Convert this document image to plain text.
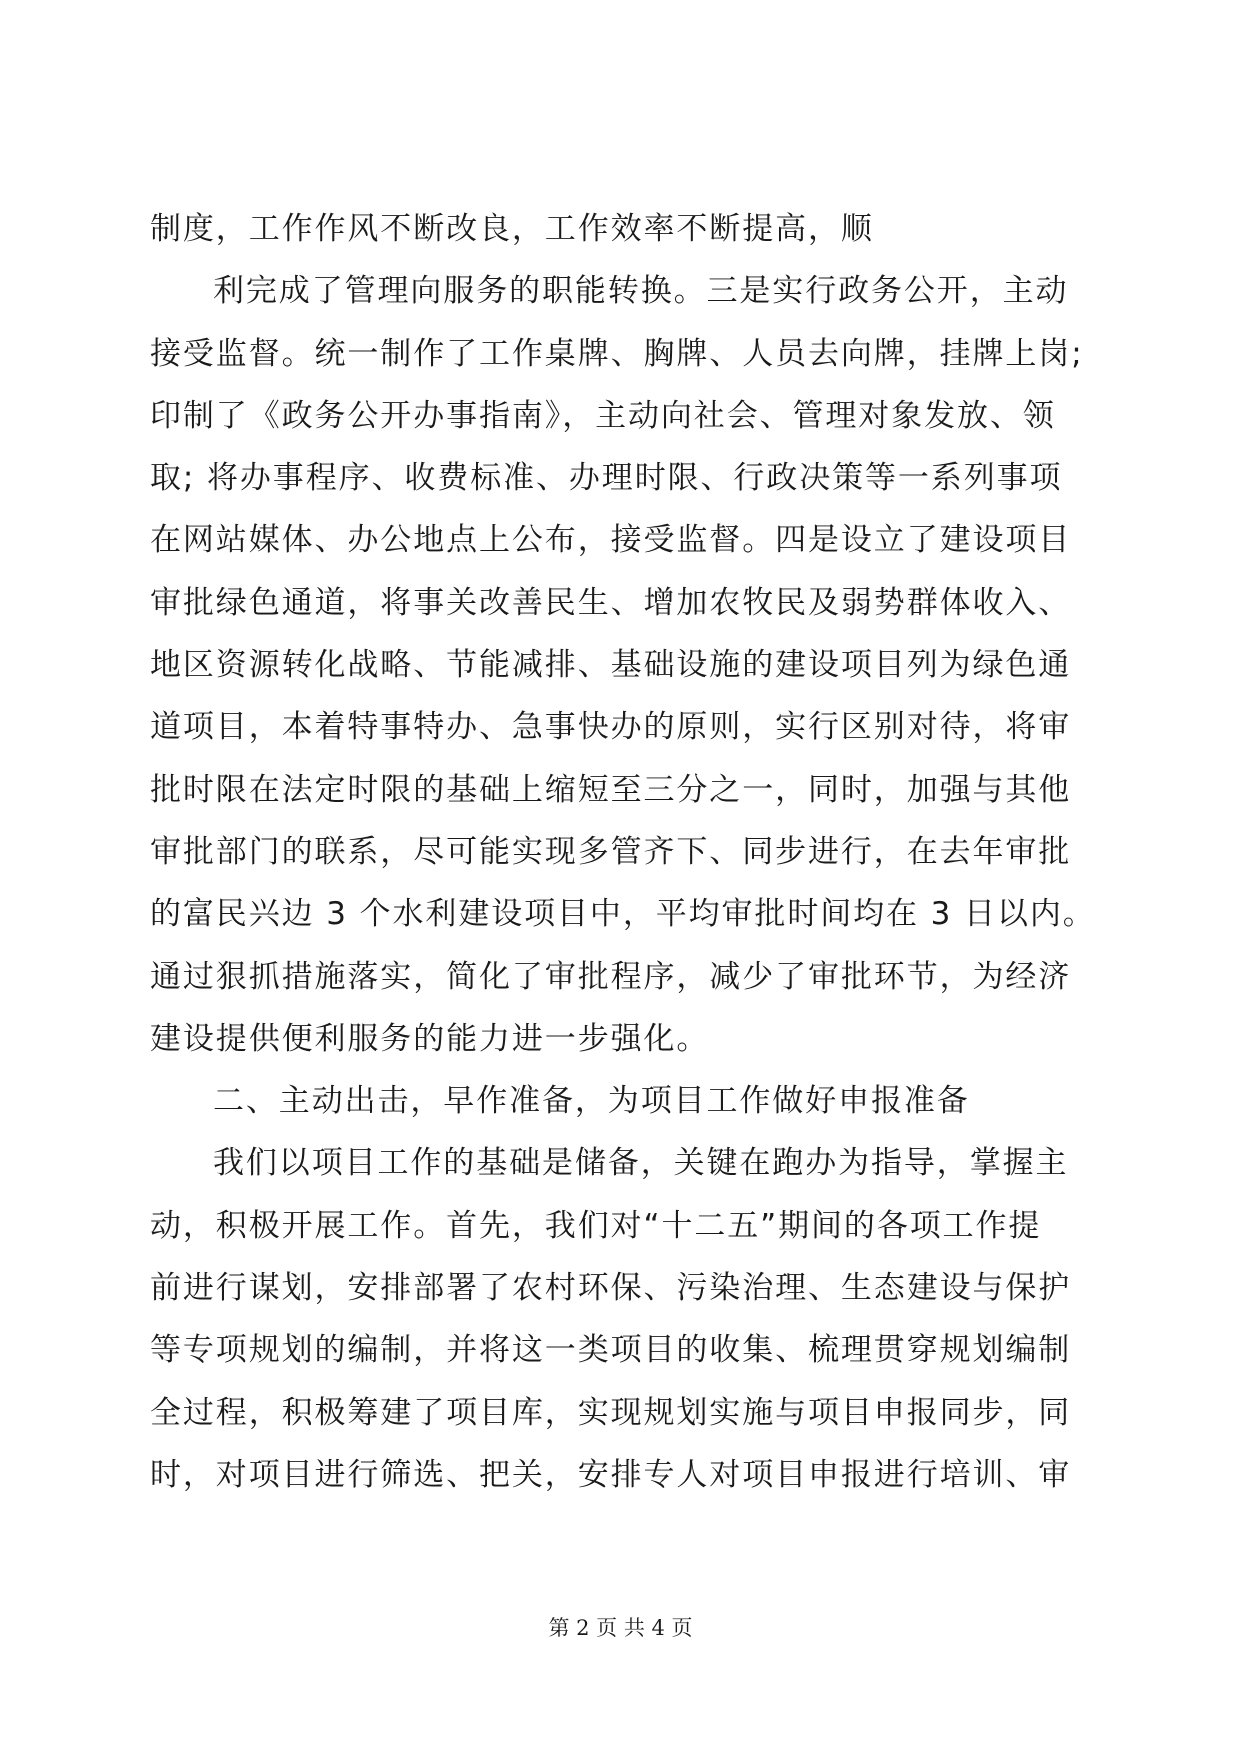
制度，工作作风不断改良，工作效率不断提高，顺
利完成了管理向服务的职能转换。三是实行政务公开，主动
接受监督。统一制作了工作桌牌、胸牌、人员去向牌，挂牌上岗;
印制了《政务公开办事指南》，主动向社会、管理对象发放、领
取; 将办事程序、收费标准、办理时限、行政决策等一系列事项
在网站媒体、办公地点上公布，接受监督。四是设立了建设项目
审批绿色通道，将事关改善民生、增加农牧民及弱势群体收入、
地区资源转化战略、节能减排、基础设施的建设项目列为绿色通
道项目，本着特事特办、急事快办的原则，实行区别对待，将审
批时限在法定时限的基础上缩短至三分之一，同时，加强与其他
审批部门的联系，尽可能实现多管齐下、同步进行，在去年审批
的富民兴边 3 个水利建设项目中，平均审批时间均在 3 日以内。
通过狠抓措施落实，简化了审批程序，减少了审批环节，为经济
建设提供便利服务的能力进一步强化。
二、主动出击，早作准备，为项目工作做好申报准备
我们以项目工作的基础是储备，关键在跑办为指导，掌握主
动，积极开展工作。首先，我们对“十二五”期间的各项工作提
前进行谋划，安排部署了农村环保、污染治理、生态建设与保护
等专项规划的编制，并将这一类项目的收集、梳理贯穿规划编制
全过程，积极筹建了项目库，实现规划实施与项目申报同步，同
时，对项目进行筛选、把关，安排专人对项目申报进行培训、审
第 2 页 共 4 页
